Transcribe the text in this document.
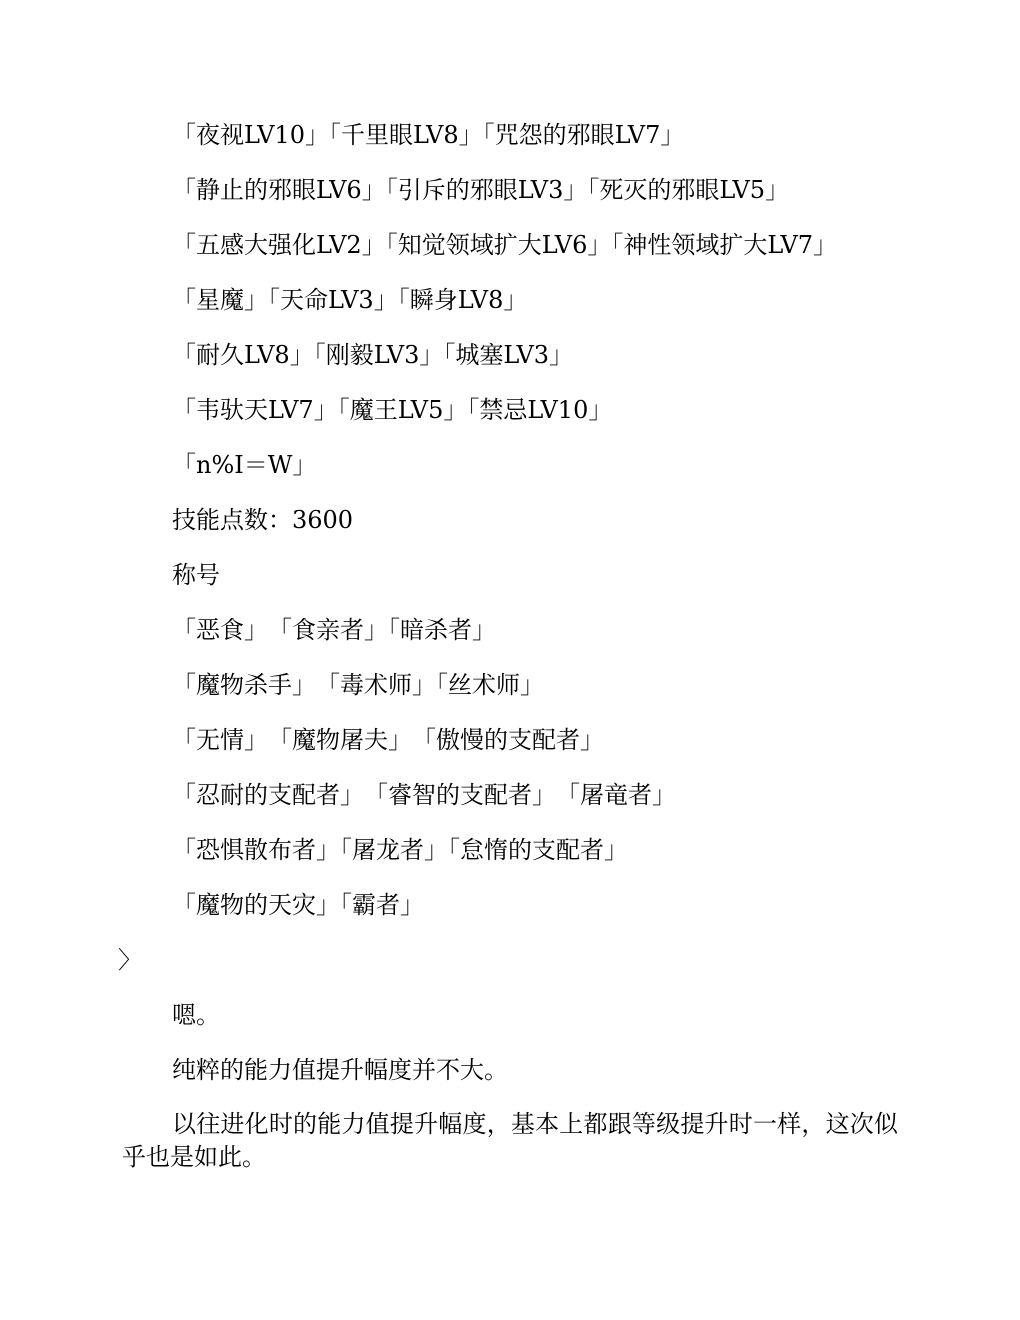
「夜视LV10」「千里眼LV8」「咒怨的邪眼LV7」
「静止的邪眼LV6」「引斥的邪眼LV3」「死灭的邪眼LV5」
「五感大强化LV2」「知觉领域扩大LV6」「神性领域扩大LV7」
「星魔」「天命LV3」「瞬身LV8」
「耐久LV8」「刚毅LV3」「城塞LV3」
「韦驮天LV7」「魔王LV5」「禁忌LV10」
「n%I＝W」
技能点数：3600
称号
「恶食」　「食亲者」「暗杀者」
「魔物杀手」　「毒术师」「丝术师」
「无情」　「魔物屠夫」　「傲慢的支配者」
「忍耐的支配者」　「睿智的支配者」　「屠竜者」
「恐惧散布者」「屠龙者」「怠惰的支配者」
「魔物的天灾」「霸者」
〉
嗯。
纯粹的能力值提升幅度并不大。
以往进化时的能力值提升幅度，基本上都跟等级提升时一样，这次似乎也是如此。
